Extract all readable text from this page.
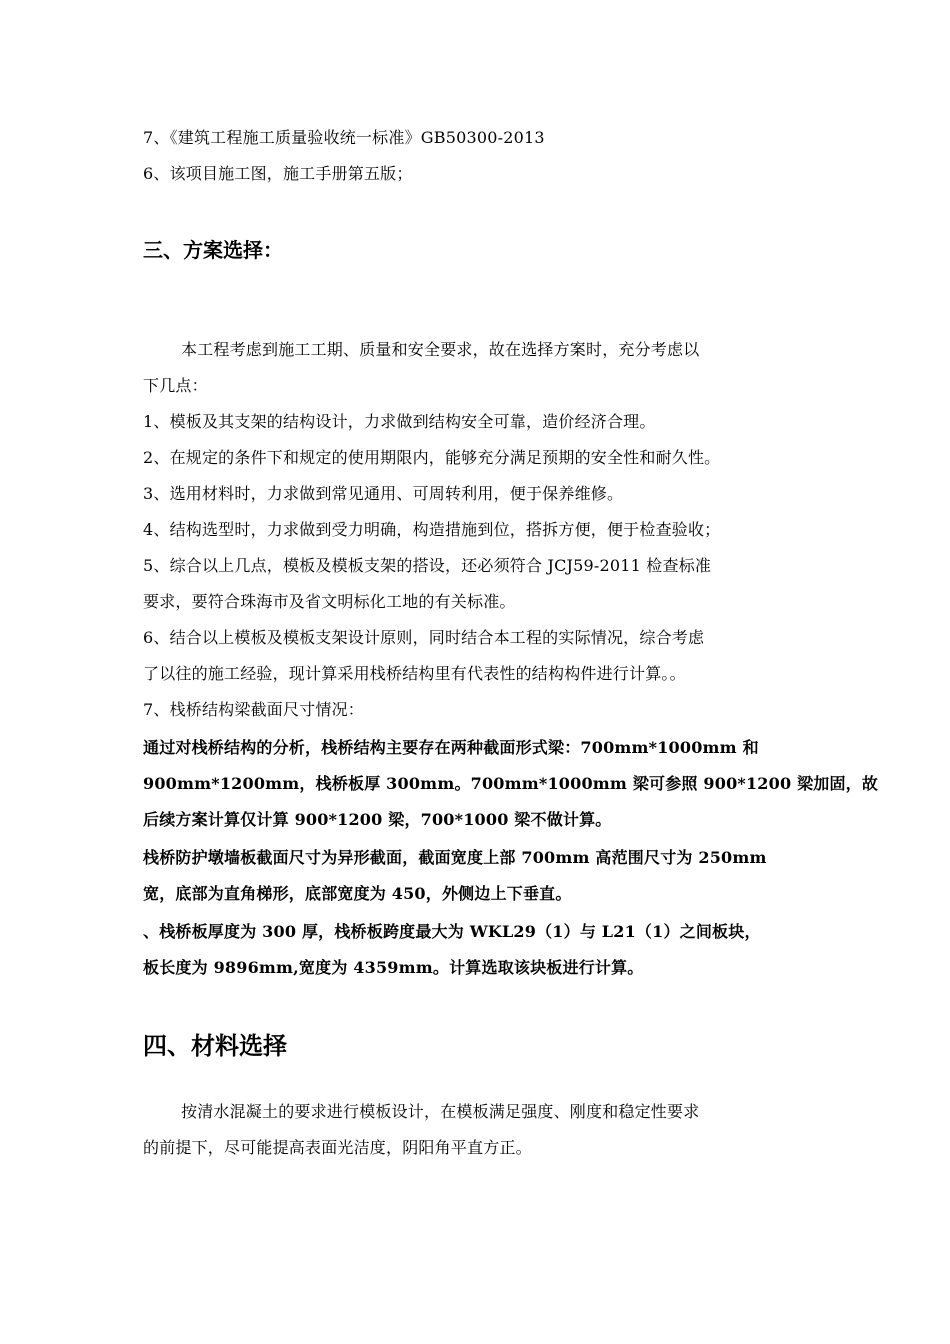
7、《建筑工程施工质量验收统一标准》GB50300-2013
6、该项目施工图，施工手册第五版；
三、方案选择：
本工程考虑到施工工期、质量和安全要求，故在选择方案时，充分考虑以
下几点：
1、模板及其支架的结构设计，力求做到结构安全可靠，造价经济合理。
2、在规定的条件下和规定的使用期限内，能够充分满足预期的安全性和耐久性。
3、选用材料时，力求做到常见通用、可周转利用，便于保养维修。
4、结构选型时，力求做到受力明确，构造措施到位，搭拆方便，便于检查验收；
5、综合以上几点，模板及模板支架的搭设，还必须符合 JCJ59-2011 检查标准
要求，要符合珠海市及省文明标化工地的有关标准。
6、结合以上模板及模板支架设计原则，同时结合本工程的实际情况，综合考虑
了以往的施工经验，现计算采用栈桥结构里有代表性的结构构件进行计算。。
7、栈桥结构梁截面尺寸情况：
通过对栈桥结构的分析，栈桥结构主要存在两种截面形式梁：700mm*1000mm 和
900mm*1200mm，栈桥板厚 300mm。700mm*1000mm 梁可参照 900*1200 梁加固，故
后续方案计算仅计算 900*1200 梁，700*1000 梁不做计算。
栈桥防护墩墙板截面尺寸为异形截面，截面宽度上部 700mm 高范围尺寸为 250mm
宽，底部为直角梯形，底部宽度为 450，外侧边上下垂直。
、栈桥板厚度为 300 厚，栈桥板跨度最大为 WKL29（1）与 L21（1）之间板块，
板长度为 9896mm,宽度为 4359mm。计算选取该块板进行计算。
四、材料选择
按清水混凝土的要求进行模板设计，在模板满足强度、刚度和稳定性要求
的前提下，尽可能提高表面光洁度，阴阳角平直方正。
